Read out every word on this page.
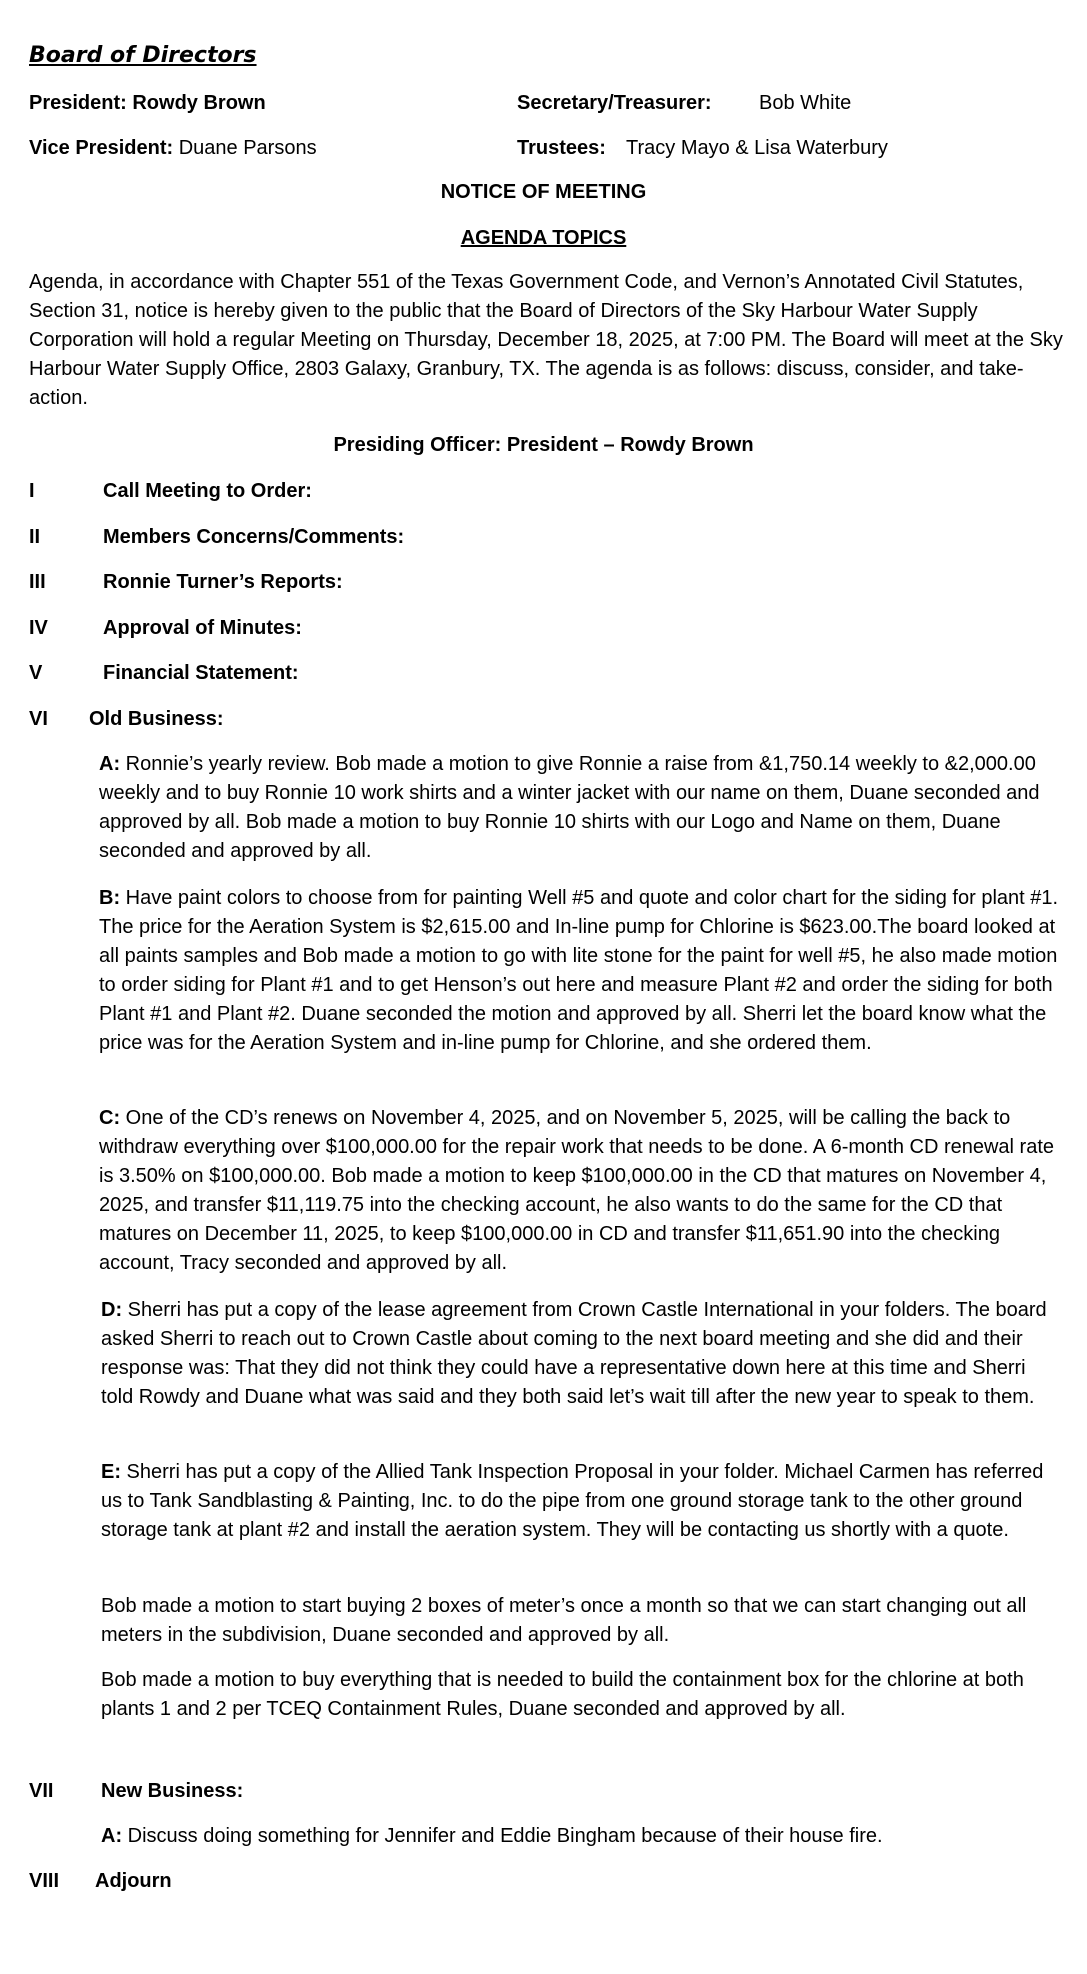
Board of Directors
President: Rowdy Brown	Secretary/Treasurer: Bob White
Vice President: Duane Parsons	Trustees: Tracy Mayo & Lisa Waterbury
NOTICE OF MEETING
AGENDA TOPICS
Agenda, in accordance with Chapter 551 of the Texas Government Code, and Vernon’s Annotated Civil Statutes, Section 31, notice is hereby given to the public that the Board of Directors of the Sky Harbour Water Supply Corporation will hold a regular Meeting on Thursday, December 18, 2025, at 7:00 PM. The Board will meet at the Sky Harbour Water Supply Office, 2803 Galaxy, Granbury, TX. The agenda is as follows: discuss, consider, and take-action.
Presiding Officer: President – Rowdy Brown
I	Call Meeting to Order:
II	Members Concerns/Comments:
III	Ronnie Turner’s Reports:
IV	Approval of Minutes:
V	Financial Statement:
VI Old Business:
A: Ronnie’s yearly review. Bob made a motion to give Ronnie a raise from &1,750.14 weekly to &2,000.00 weekly and to buy Ronnie 10 work shirts and a winter jacket with our name on them, Duane seconded and approved by all. Bob made a motion to buy Ronnie 10 shirts with our Logo and Name on them, Duane seconded and approved by all.
B: Have paint colors to choose from for painting Well #5 and quote and color chart for the siding for plant #1. The price for the Aeration System is $2,615.00 and In-line pump for Chlorine is $623.00.The board looked at all paints samples and Bob made a motion to go with lite stone for the paint for well #5, he also made motion to order siding for Plant #1 and to get Henson’s out here and measure Plant #2 and order the siding for both Plant #1 and Plant #2. Duane seconded the motion and approved by all. Sherri let the board know what the price was for the Aeration System and in-line pump for Chlorine, and she ordered them.
C: One of the CD’s renews on November 4, 2025, and on November 5, 2025, will be calling the back to withdraw everything over $100,000.00 for the repair work that needs to be done. A 6-month CD renewal rate is 3.50% on $100,000.00. Bob made a motion to keep $100,000.00 in the CD that matures on November 4, 2025, and transfer $11,119.75 into the checking account, he also wants to do the same for the CD that matures on December 11, 2025, to keep $100,000.00 in CD and transfer $11,651.90 into the checking account, Tracy seconded and approved by all.
D: Sherri has put a copy of the lease agreement from Crown Castle International in your folders. The board asked Sherri to reach out to Crown Castle about coming to the next board meeting and she did and their response was: That they did not think they could have a representative down here at this time and Sherri told Rowdy and Duane what was said and they both said let’s wait till after the new year to speak to them.
E: Sherri has put a copy of the Allied Tank Inspection Proposal in your folder. Michael Carmen has referred us to Tank Sandblasting & Painting, Inc. to do the pipe from one ground storage tank to the other ground storage tank at plant #2 and install the aeration system. They will be contacting us shortly with a quote.
Bob made a motion to start buying 2 boxes of meter’s once a month so that we can start changing out all meters in the subdivision, Duane seconded and approved by all.
Bob made a motion to buy everything that is needed to build the containment box for the chlorine at both plants 1 and 2 per TCEQ Containment Rules, Duane seconded and approved by all.
VII New Business:
A: Discuss doing something for Jennifer and Eddie Bingham because of their house fire.
VIII Adjourn
